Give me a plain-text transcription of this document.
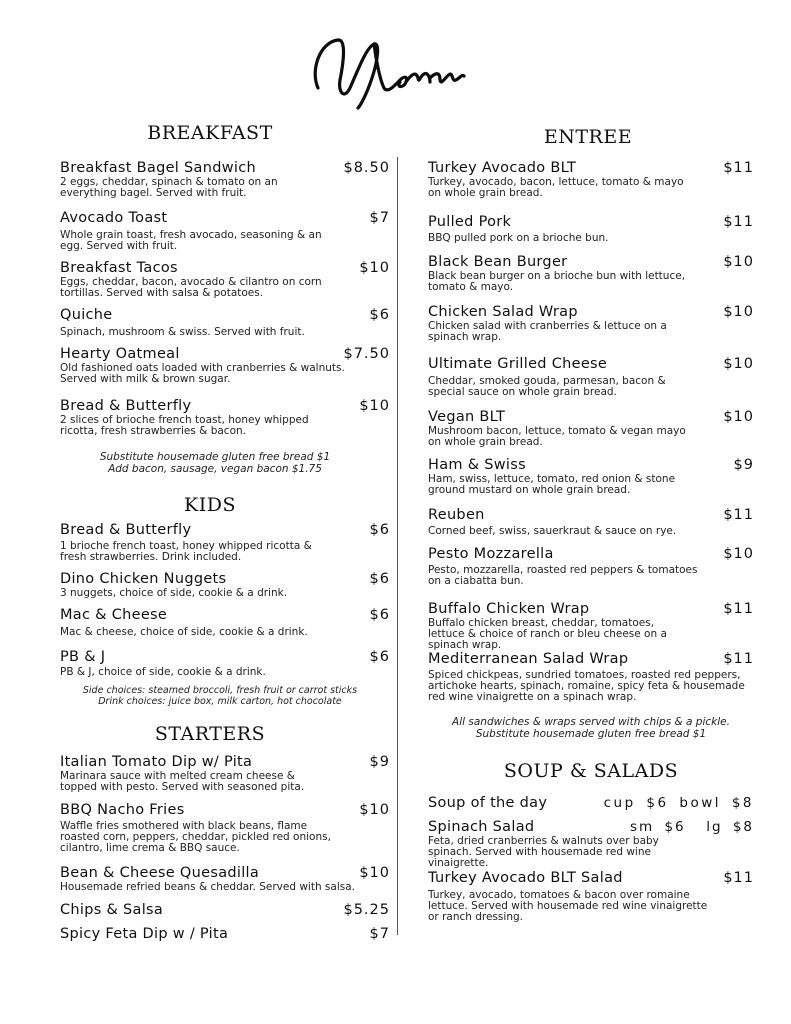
BREAKFAST
Breakfast Bagel Sandwich	$8.50
2 eggs, cheddar, spinach & tomato on an everything bagel. Served with fruit.
Avocado Toast	$7
Whole grain toast, fresh avocado, seasoning & an egg. Served with fruit.
Breakfast Tacos	$10
Eggs, cheddar, bacon, avocado & cilantro on corn tortillas. Served with salsa & potatoes.
Quiche	$6
Spinach, mushroom & swiss. Served with fruit.
Hearty Oatmeal	$7.50
Old fashioned oats loaded with cranberries & walnuts. Served with milk & brown sugar.
Bread & Butterfly	$10
2 slices of brioche french toast, honey whipped ricotta, fresh strawberries & bacon.
Substitute housemade gluten free bread $1
Add bacon, sausage, vegan bacon $1.75
KIDS
Bread & Butterfly	$6
1 brioche french toast, honey whipped ricotta & fresh strawberries. Drink included.
Dino Chicken Nuggets	$6
3 nuggets, choice of side, cookie & a drink.
Mac & Cheese	$6
Mac & cheese, choice of side, cookie & a drink.
PB & J	$6
PB & J, choice of side, cookie & a drink.
Side choices: steamed broccoli, fresh fruit or carrot sticks
Drink choices: juice box, milk carton, hot chocolate
STARTERS
Italian Tomato Dip w/ Pita	$9
Marinara sauce with melted cream cheese & topped with pesto. Served with seasoned pita.
BBQ Nacho Fries	$10
Waffle fries smothered with black beans, flame roasted corn, peppers, cheddar, pickled red onions, cilantro, lime crema & BBQ sauce.
Bean & Cheese Quesadilla	$10
Housemade refried beans & cheddar. Served with salsa.
Chips & Salsa	$5.25
Spicy Feta Dip w / Pita	$7
ENTREE
Turkey Avocado BLT	$11
Turkey, avocado, bacon, lettuce, tomato & mayo on whole grain bread.
Pulled Pork	$11
BBQ pulled pork on a brioche bun.
Black Bean Burger	$10
Black bean burger on a brioche bun with lettuce, tomato & mayo.
Chicken Salad Wrap	$10
Chicken salad with cranberries & lettuce on a spinach wrap.
Ultimate Grilled Cheese	$10
Cheddar, smoked gouda, parmesan, bacon & special sauce on whole grain bread.
Vegan BLT	$10
Mushroom bacon, lettuce, tomato & vegan mayo on whole grain bread.
Ham & Swiss	$9
Ham, swiss, lettuce, tomato, red onion & stone ground mustard on whole grain bread.
Reuben	$11
Corned beef, swiss, sauerkraut & sauce on rye.
Pesto Mozzarella	$10
Pesto, mozzarella, roasted red peppers & tomatoes on a ciabatta bun.
Buffalo Chicken Wrap	$11
Buffalo chicken breast, cheddar, tomatoes, lettuce & choice of ranch or bleu cheese on a spinach wrap.
Mediterranean Salad Wrap	$11
Spiced chickpeas, sundried tomatoes, roasted red peppers, artichoke hearts, spinach, romaine, spicy feta & housemade red wine vinaigrette on a spinach wrap.
All sandwiches & wraps served with chips & a pickle.
Substitute housemade gluten free bread $1
SOUP & SALADS
Soup of the day	cup $6 bowl $8
Spinach Salad	sm $6  lg $8
Feta, dried cranberries & walnuts over baby spinach. Served with housemade red wine vinaigrette.
Turkey Avocado BLT Salad	$11
Turkey, avocado, tomatoes & bacon over romaine lettuce. Served with housemade red wine vinaigrette or ranch dressing.
